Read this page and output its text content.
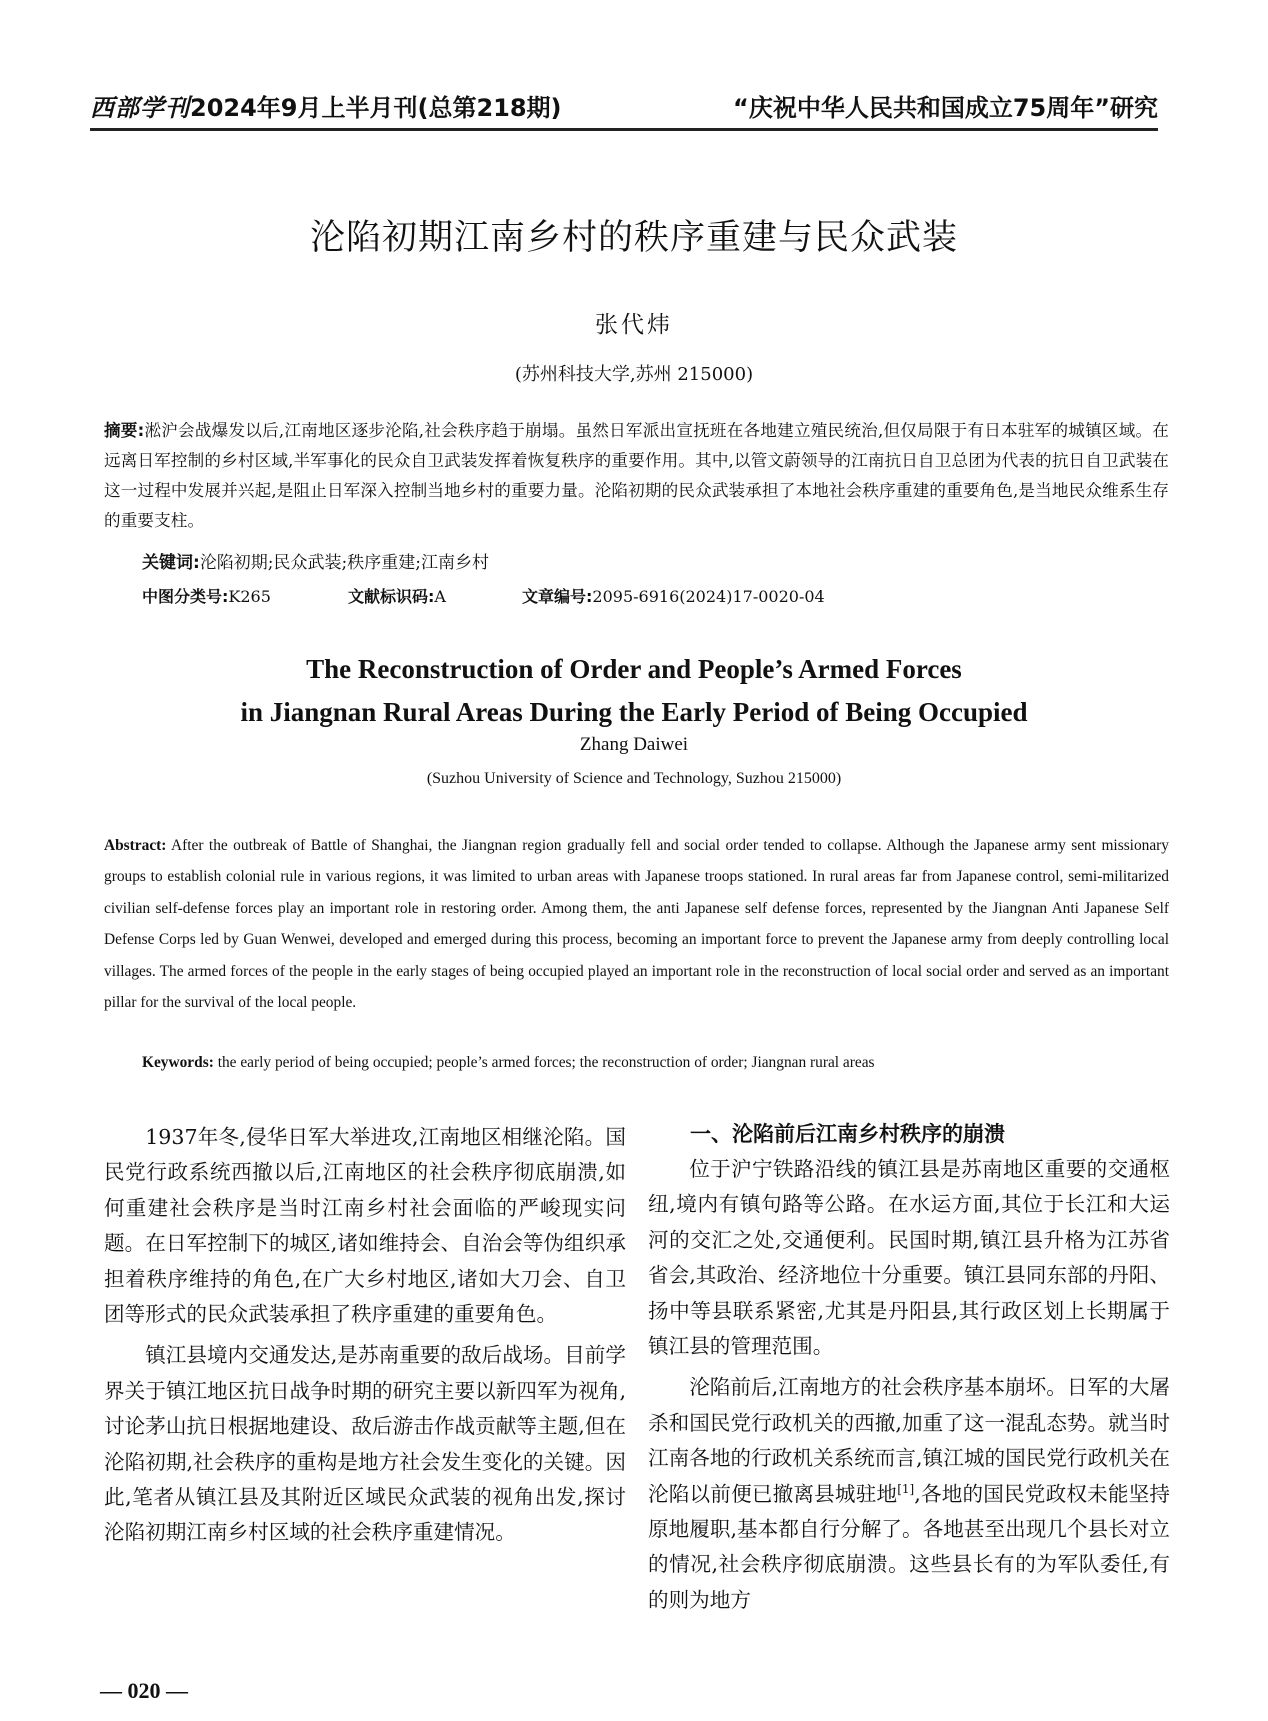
西部学刊2024年9月上半月刊(总第218期)	“庆祝中华人民共和国成立75周年”研究
沦陷初期江南乡村的秩序重建与民众武装
张代炜
(苏州科技大学,苏州 215000)
摘要:淞沪会战爆发以后,江南地区逐步沦陷,社会秩序趋于崩塌。虽然日军派出宣抚班在各地建立殖民统治,但仅局限于有日本驻军的城镇区域。在远离日军控制的乡村区域,半军事化的民众自卫武装发挥着恢复秩序的重要作用。其中,以管文蔚领导的江南抗日自卫总团为代表的抗日自卫武装在这一过程中发展并兴起,是阻止日军深入控制当地乡村的重要力量。沦陷初期的民众武装承担了本地社会秩序重建的重要角色,是当地民众维系生存的重要支柱。
关键词:沦陷初期;民众武装;秩序重建;江南乡村
中图分类号:K265	文献标识码:A	文章编号:2095-6916(2024)17-0020-04
The Reconstruction of Order and People’s Armed Forces
in Jiangnan Rural Areas During the Early Period of Being Occupied
Zhang Daiwei
(Suzhou University of Science and Technology, Suzhou 215000)
Abstract: After the outbreak of Battle of Shanghai, the Jiangnan region gradually fell and social order tended to collapse. Although the Japanese army sent missionary groups to establish colonial rule in various regions, it was limited to urban areas with Japanese troops stationed. In rural areas far from Japanese control, semi-militarized civilian self-defense forces play an important role in restoring order. Among them, the anti Japanese self defense forces, represented by the Jiangnan Anti Japanese Self Defense Corps led by Guan Wenwei, developed and emerged during this process, becoming an important force to prevent the Japanese army from deeply controlling local villages. The armed forces of the people in the early stages of being occupied played an important role in the reconstruction of local social order and served as an important pillar for the survival of the local people.
Keywords: the early period of being occupied; people’s armed forces; the reconstruction of order; Jiangnan rural areas

1937年冬,侵华日军大举进攻,江南地区相继沦陷。国民党行政系统西撤以后,江南地区的社会秩序彻底崩溃,如何重建社会秩序是当时江南乡村社会面临的严峻现实问题。在日军控制下的城区,诸如维持会、自治会等伪组织承担着秩序维持的角色,在广大乡村地区,诸如大刀会、自卫团等形式的民众武装承担了秩序重建的重要角色。

镇江县境内交通发达,是苏南重要的敌后战场。目前学界关于镇江地区抗日战争时期的研究主要以新四军为视角,讨论茅山抗日根据地建设、敌后游击作战贡献等主题,但在沦陷初期,社会秩序的重构是地方社会发生变化的关键。因此,笔者从镇江县及其附近区域民众武装的视角出发,探讨沦陷初期江南乡村区域的社会秩序重建情况。

一、沦陷前后江南乡村秩序的崩溃

位于沪宁铁路沿线的镇江县是苏南地区重要的交通枢纽,境内有镇句路等公路。在水运方面,其位于长江和大运河的交汇之处,交通便利。民国时期,镇江县升格为江苏省省会,其政治、经济地位十分重要。镇江县同东部的丹阳、扬中等县联系紧密,尤其是丹阳县,其行政区划上长期属于镇江县的管理范围。

沦陷前后,江南地方的社会秩序基本崩坏。日军的大屠杀和国民党行政机关的西撤,加重了这一混乱态势。就当时江南各地的行政机关系统而言,镇江城的国民党行政机关在沦陷以前便已撤离县城驻地[1],各地的国民党政权未能坚持原地履职,基本都自行分解了。各地甚至出现几个县长对立的情况,社会秩序彻底崩溃。这些县长有的为军队委任,有的则为地方

— 020 —
